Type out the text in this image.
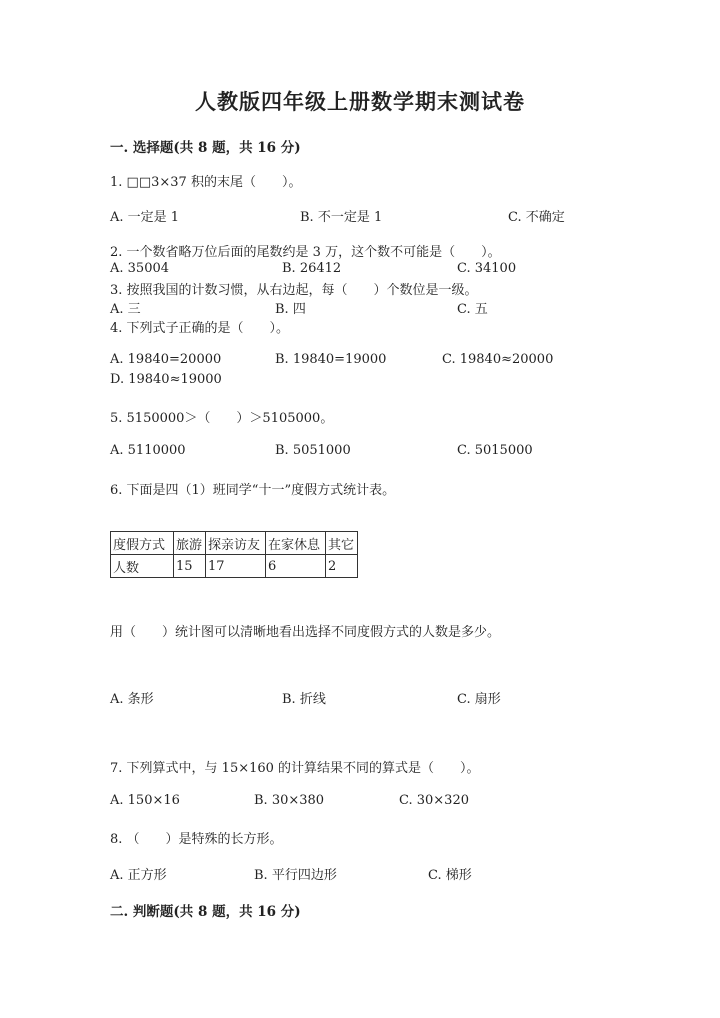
人教版四年级上册数学期末测试卷
一. 选择题(共 8 题，共 16 分)
1. □□3×37 积的末尾（　　）。
A. 一定是 1	B. 不一定是 1	C. 不确定
2. 一个数省略万位后面的尾数约是 3 万，这个数不可能是（　　）。
A. 35004	B. 26412	C. 34100
3. 按照我国的计数习惯，从右边起，每（　　）个数位是一级。
A. 三	B. 四	C. 五
4. 下列式子正确的是（　　）。
A. 19840=20000	B. 19840=19000	C. 19840≈20000
D. 19840≈19000
5. 5150000＞（　　）＞5105000。
A. 5110000	B. 5051000	C. 5015000
6. 下面是四（1）班同学“十一”度假方式统计表。
度假方式	旅游	探亲访友	在家休息	其它
人数	15	17	6	2
用（　　）统计图可以清晰地看出选择不同度假方式的人数是多少。
A. 条形	B. 折线	C. 扇形
7. 下列算式中，与 15×160 的计算结果不同的算式是（　　）。
A. 150×16	B. 30×380	C. 30×320
8. （　　）是特殊的长方形。
A. 正方形	B. 平行四边形	C. 梯形
二. 判断题(共 8 题，共 16 分)
